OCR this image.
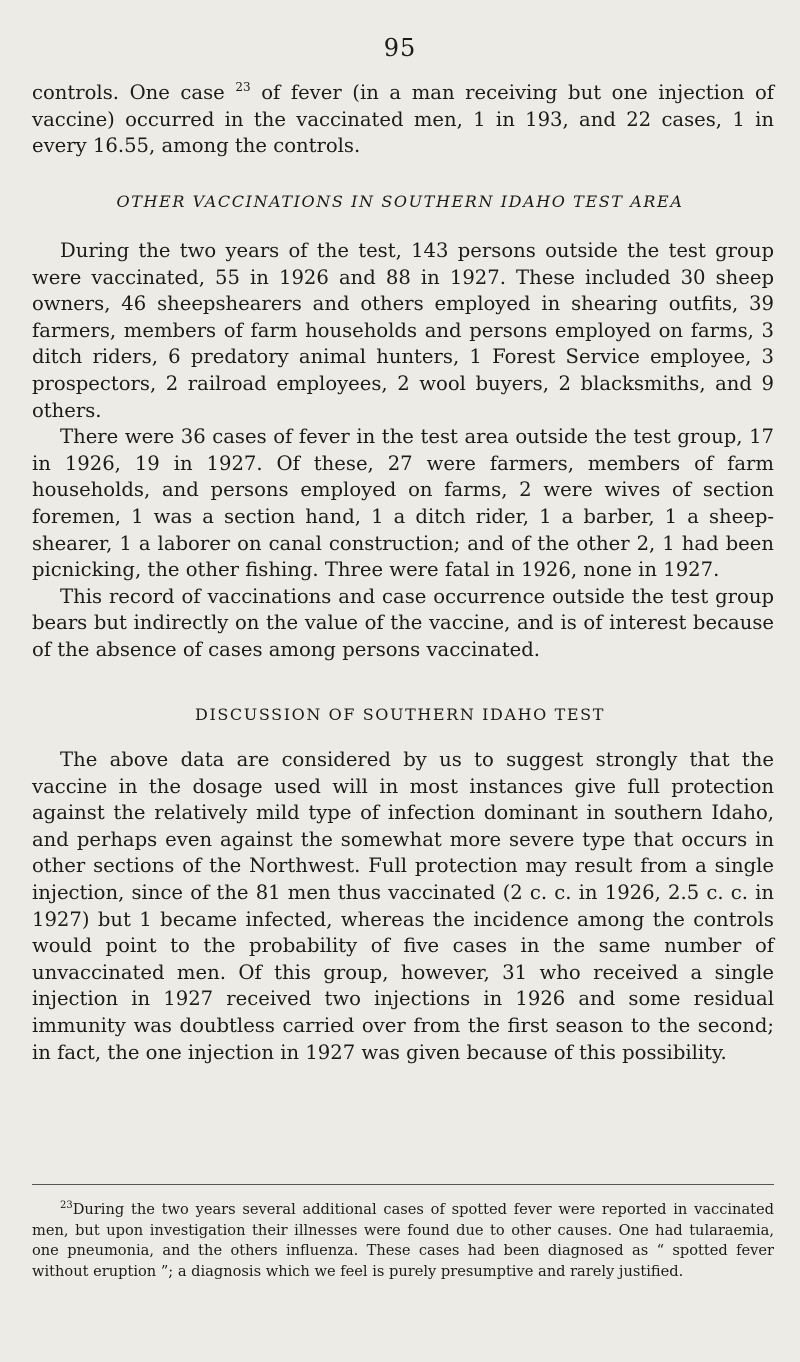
95

controls. One case $^{23}$ of fever (in a man receiving but one injection of vaccine) occurred in the vaccinated men, 1 in 193, and 22 cases, 1 in every 16.55, among the controls.

OTHER VACCINATIONS IN SOUTHERN IDAHO TEST AREA

During the two years of the test, 143 persons outside the test group were vaccinated, 55 in 1926 and 88 in 1927. These included 30 sheep owners, 46 sheepshearers and others employed in shearing outfits, 39 farmers, members of farm households and persons employed on farms, 3 ditch riders, 6 predatory animal hunters, 1 Forest Service employee, 3 prospectors, 2 railroad employees, 2 wool buyers, 2 blacksmiths, and 9 others.

There were 36 cases of fever in the test area outside the test group, 17 in 1926, 19 in 1927. Of these, 27 were farmers, members of farm households, and persons employed on farms, 2 were wives of section foremen, 1 was a section hand, 1 a ditch rider, 1 a barber, 1 a sheepshearer, 1 a laborer on canal construction; and of the other 2, 1 had been picnicking, the other fishing. Three were fatal in 1926, none in 1927.

This record of vaccinations and case occurrence outside the test group bears but indirectly on the value of the vaccine, and is of interest because of the absence of cases among persons vaccinated.

DISCUSSION OF SOUTHERN IDAHO TEST

The above data are considered by us to suggest strongly that the vaccine in the dosage used will in most instances give full protection against the relatively mild type of infection dominant in southern Idaho, and perhaps even against the somewhat more severe type that occurs in other sections of the Northwest. Full protection may result from a single injection, since of the 81 men thus vaccinated (2 c. c. in 1926, 2.5 c. c. in 1927) but 1 became infected, whereas the incidence among the controls would point to the probability of five cases in the same number of unvaccinated men. Of this group, however, 31 who received a single injection in 1927 received two injections in 1926 and some residual immunity was doubtless carried over from the first season to the second; in fact, the one injection in 1927 was given because of this possibility.

$^{23}$During the two years several additional cases of spotted fever were reported in vaccinated men, but upon investigation their illnesses were found due to other causes. One had tularaemia, one pneumonia, and the others influenza. These cases had been diagnosed as “ spotted fever without eruption ”; a diagnosis which we feel is purely presumptive and rarely justified.
